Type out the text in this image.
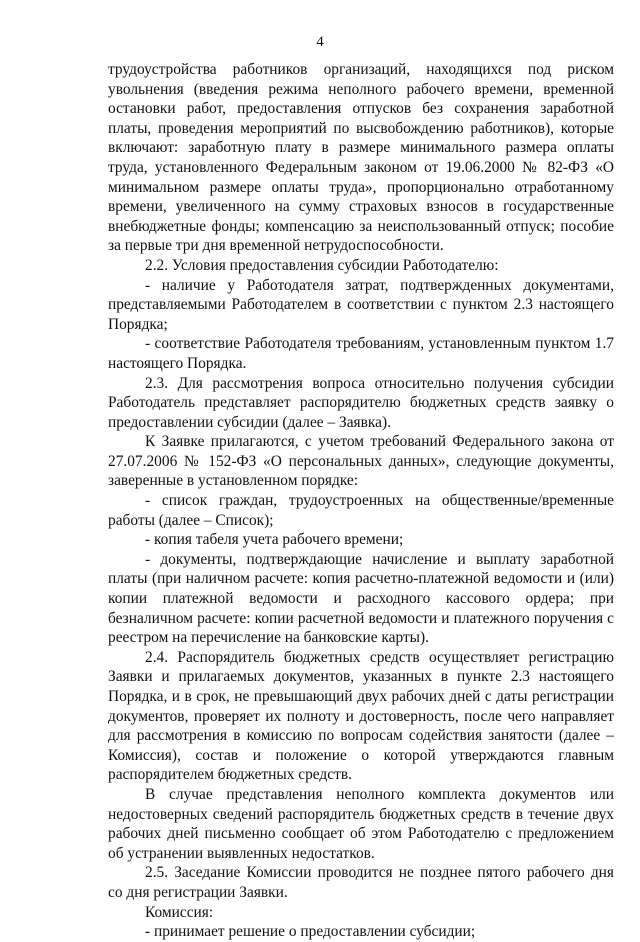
4

трудоустройства работников организаций, находящихся под риском увольнения (введения режима неполного рабочего времени, временной остановки работ, предоставления отпусков без сохранения заработной платы, проведения мероприятий по высвобождению работников), которые включают: заработную плату в размере минимального размера оплаты труда, установленного Федеральным законом от 19.06.2000 № 82-ФЗ «О минимальном размере оплаты труда», пропорционально отработанному времени, увеличенного на сумму страховых взносов в государственные внебюджетные фонды; компенсацию за неиспользованный отпуск; пособие за первые три дня временной нетрудоспособности.

2.2. Условия предоставления субсидии Работодателю:

- наличие у Работодателя затрат, подтвержденных документами, представляемыми Работодателем в соответствии с пунктом 2.3 настоящего Порядка;

- соответствие Работодателя требованиям, установленным пунктом 1.7 настоящего Порядка.

2.3. Для рассмотрения вопроса относительно получения субсидии Работодатель представляет распорядителю бюджетных средств заявку о предоставлении субсидии (далее – Заявка).

К Заявке прилагаются, с учетом требований Федерального закона от 27.07.2006 № 152-ФЗ «О персональных данных», следующие документы, заверенные в установленном порядке:

- список граждан, трудоустроенных на общественные/временные работы (далее – Список);

- копия табеля учета рабочего времени;

- документы, подтверждающие начисление и выплату заработной платы (при наличном расчете: копия расчетно-платежной ведомости и (или) копии платежной ведомости и расходного кассового ордера; при безналичном расчете: копии расчетной ведомости и платежного поручения с реестром на перечисление на банковские карты).

2.4. Распорядитель бюджетных средств осуществляет регистрацию Заявки и прилагаемых документов, указанных в пункте 2.3 настоящего Порядка, и в срок, не превышающий двух рабочих дней с даты регистрации документов, проверяет их полноту и достоверность, после чего направляет для рассмотрения в комиссию по вопросам содействия занятости (далее – Комиссия), состав и положение о которой утверждаются главным распорядителем бюджетных средств.

В случае представления неполного комплекта документов или недостоверных сведений распорядитель бюджетных средств в течение двух рабочих дней письменно сообщает об этом Работодателю с предложением об устранении выявленных недостатков.

2.5. Заседание Комиссии проводится не позднее пятого рабочего дня со дня регистрации Заявки.

Комиссия:

- принимает решение о предоставлении субсидии;
